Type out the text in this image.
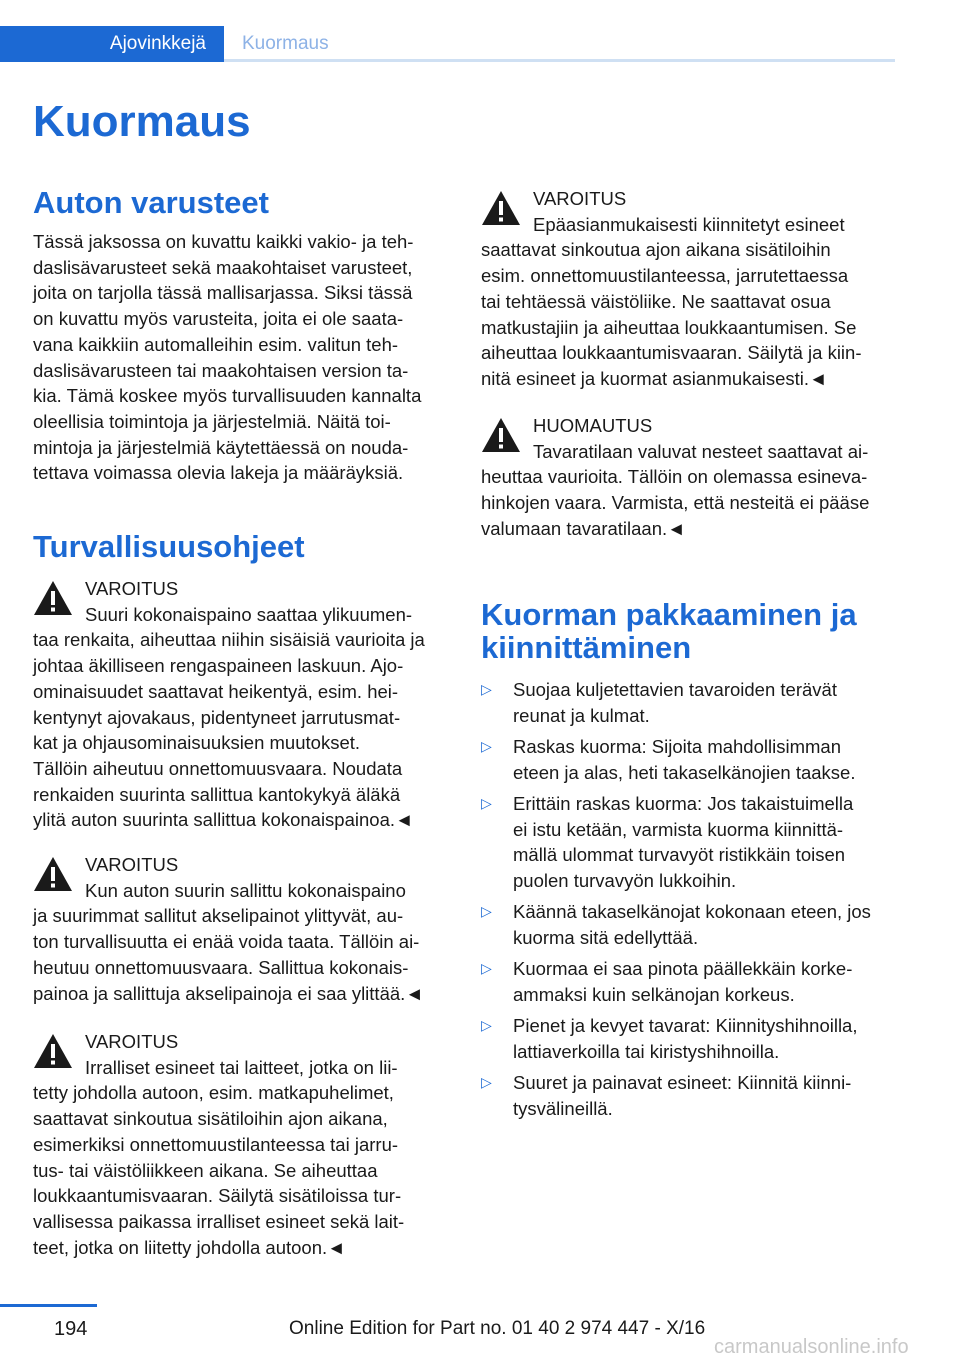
Ajovinkkejä	Kuormaus
Kuormaus
Auton varusteet

Tässä jaksossa on kuvattu kaikki vakio- ja teh-
daslisävarusteet sekä maakohtaiset varusteet,
joita on tarjolla tässä mallisarjassa. Siksi tässä
on kuvattu myös varusteita, joita ei ole saata-
vana kaikkiin automalleihin esim. valitun teh-
daslisävarusteen tai maakohtaisen version ta-
kia. Tämä koskee myös turvallisuuden kannalta
oleellisia toimintoja ja järjestelmiä. Näitä toi-
mintoja ja järjestelmiä käytettäessä on nouda-
tettava voimassa olevia lakeja ja määräyksiä.

Turvallisuusohjeet
VAROITUS
Suuri kokonaispaino saattaa ylikuumen-
taa renkaita, aiheuttaa niihin sisäisiä vaurioita ja
johtaa äkilliseen rengaspaineen laskuun. Ajo-
ominaisuudet saattavat heikentyä, esim. hei-
kentynyt ajovakaus, pidentyneet jarrutusmat-
kat ja ohjausominaisuuksien muutokset.
Tällöin aiheutuu onnettomuusvaara. Noudata
renkaiden suurinta sallittua kantokykyä äläkä
ylitä auton suurinta sallittua kokonaispainoa.◄
VAROITUS
Kun auton suurin sallittu kokonaispaino
ja suurimmat sallitut akselipainot ylittyvät, au-
ton turvallisuutta ei enää voida taata. Tällöin ai-
heutuu onnettomuusvaara. Sallittua kokonais-
painoa ja sallittuja akselipainoja ei saa ylittää.◄
VAROITUS
Irralliset esineet tai laitteet, jotka on lii-
tetty johdolla autoon, esim. matkapuhelimet,
saattavat sinkoutua sisätiloihin ajon aikana,
esimerkiksi onnettomuustilanteessa tai jarru-
tus- tai väistöliikkeen aikana. Se aiheuttaa
loukkaantumisvaaran. Säilytä sisätiloissa tur-
vallisessa paikassa irralliset esineet sekä lait-
teet, jotka on liitetty johdolla autoon.◄
VAROITUS
Epäasianmukaisesti kiinnitetyt esineet
saattavat sinkoutua ajon aikana sisätiloihin
esim. onnettomuustilanteessa, jarrutettaessa
tai tehtäessä väistöliike. Ne saattavat osua
matkustajiin ja aiheuttaa loukkaantumisen. Se
aiheuttaa loukkaantumisvaaran. Säilytä ja kiin-
nitä esineet ja kuormat asianmukaisesti.◄
HUOMAUTUS
Tavaratilaan valuvat nesteet saattavat ai-
heuttaa vaurioita. Tällöin on olemassa esineva-
hinkojen vaara. Varmista, että nesteitä ei pääse
valumaan tavaratilaan.◄
Kuorman pakkaaminen ja
kiinnittäminen
▷ Suojaa kuljetettavien tavaroiden terävät
reunat ja kulmat.
▷ Raskas kuorma: Sijoita mahdollisimman
eteen ja alas, heti takaselkänojien taakse.
▷ Erittäin raskas kuorma: Jos takaistuimella
ei istu ketään, varmista kuorma kiinnittä-
mällä ulommat turvavyöt ristikkäin toisen
puolen turvavyön lukkoihin.
▷ Käännä takaselkänojat kokonaan eteen, jos
kuorma sitä edellyttää.
▷ Kuormaa ei saa pinota päällekkäin korke-
ammaksi kuin selkänojan korkeus.
▷ Pienet ja kevyet tavarat: Kiinnityshihnoilla,
lattiaverkoilla tai kiristyshihnoilla.
▷ Suuret ja painavat esineet: Kiinnitä kiinni-
tysvälineillä.
194	Online Edition for Part no. 01 40 2 974 447 - X/16
carmanualsonline.info
